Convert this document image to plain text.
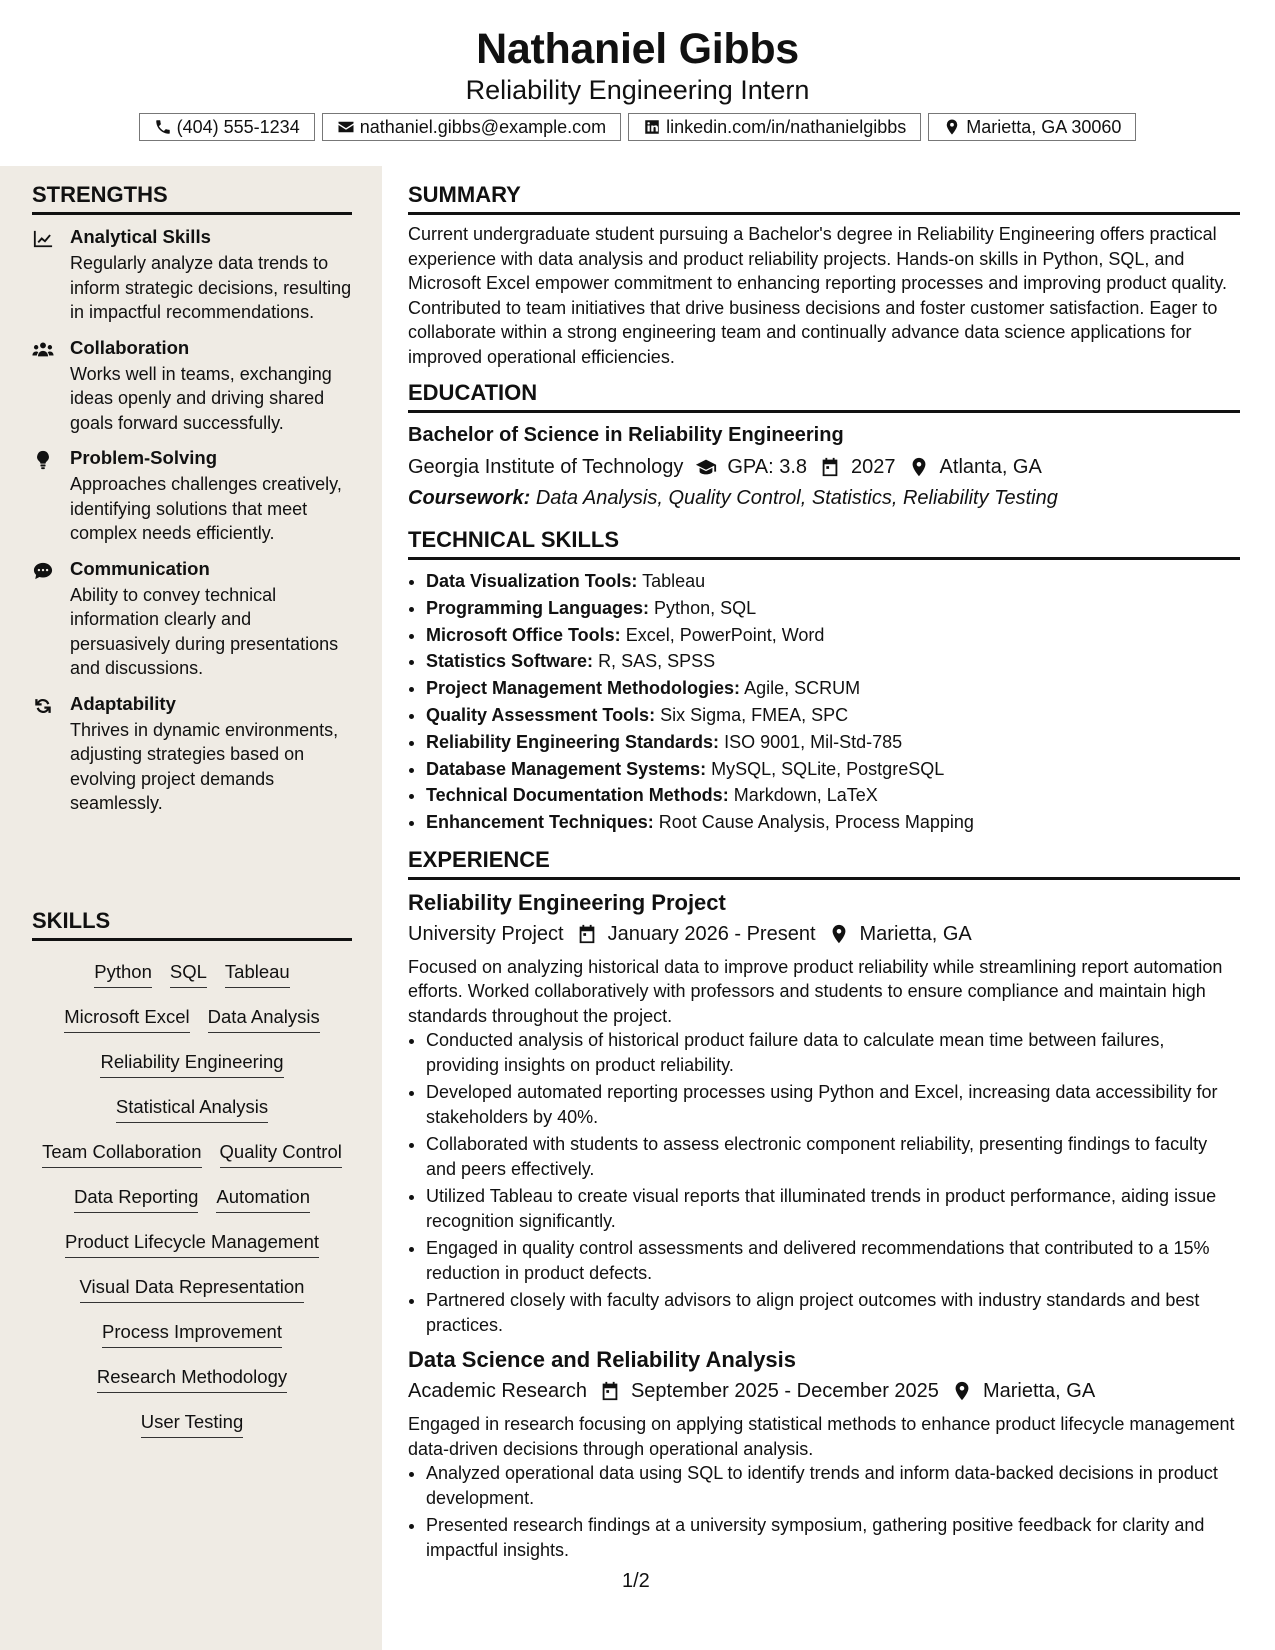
Nathaniel Gibbs
Reliability Engineering Intern
(404) 555-1234	nathaniel.gibbs@example.com	linkedin.com/in/nathanielgibbs	Marietta, GA 30060
STRENGTHS
Analytical Skills
Regularly analyze data trends to inform strategic decisions, resulting in impactful recommendations.
Collaboration
Works well in teams, exchanging ideas openly and driving shared goals forward successfully.
Problem-Solving
Approaches challenges creatively, identifying solutions that meet complex needs efficiently.
Communication
Ability to convey technical information clearly and persuasively during presentations and discussions.
Adaptability
Thrives in dynamic environments, adjusting strategies based on evolving project demands seamlessly.
SKILLS
Python SQL Tableau
Microsoft Excel Data Analysis
Reliability Engineering
Statistical Analysis
Team Collaboration Quality Control
Data Reporting Automation
Product Lifecycle Management
Visual Data Representation
Process Improvement
Research Methodology
User Testing
SUMMARY
Current undergraduate student pursuing a Bachelor's degree in Reliability Engineering offers practical experience with data analysis and product reliability projects. Hands-on skills in Python, SQL, and Microsoft Excel empower commitment to enhancing reporting processes and improving product quality. Contributed to team initiatives that drive business decisions and foster customer satisfaction. Eager to collaborate within a strong engineering team and continually advance data science applications for improved operational efficiencies.
EDUCATION
Bachelor of Science in Reliability Engineering
Georgia Institute of Technology GPA: 3.8 2027 Atlanta, GA
Coursework: Data Analysis, Quality Control, Statistics, Reliability Testing
TECHNICAL SKILLS
• Data Visualization Tools: Tableau
• Programming Languages: Python, SQL
• Microsoft Office Tools: Excel, PowerPoint, Word
• Statistics Software: R, SAS, SPSS
• Project Management Methodologies: Agile, SCRUM
• Quality Assessment Tools: Six Sigma, FMEA, SPC
• Reliability Engineering Standards: ISO 9001, Mil-Std-785
• Database Management Systems: MySQL, SQLite, PostgreSQL
• Technical Documentation Methods: Markdown, LaTeX
• Enhancement Techniques: Root Cause Analysis, Process Mapping
EXPERIENCE
Reliability Engineering Project
University Project January 2026 - Present Marietta, GA
Focused on analyzing historical data to improve product reliability while streamlining report automation efforts. Worked collaboratively with professors and students to ensure compliance and maintain high standards throughout the project.
• Conducted analysis of historical product failure data to calculate mean time between failures, providing insights on product reliability.
• Developed automated reporting processes using Python and Excel, increasing data accessibility for stakeholders by 40%.
• Collaborated with students to assess electronic component reliability, presenting findings to faculty and peers effectively.
• Utilized Tableau to create visual reports that illuminated trends in product performance, aiding issue recognition significantly.
• Engaged in quality control assessments and delivered recommendations that contributed to a 15% reduction in product defects.
• Partnered closely with faculty advisors to align project outcomes with industry standards and best practices.
Data Science and Reliability Analysis
Academic Research September 2025 - December 2025 Marietta, GA
Engaged in research focusing on applying statistical methods to enhance product lifecycle management data-driven decisions through operational analysis.
• Analyzed operational data using SQL to identify trends and inform data-backed decisions in product development.
• Presented research findings at a university symposium, gathering positive feedback for clarity and impactful insights.
1/2
